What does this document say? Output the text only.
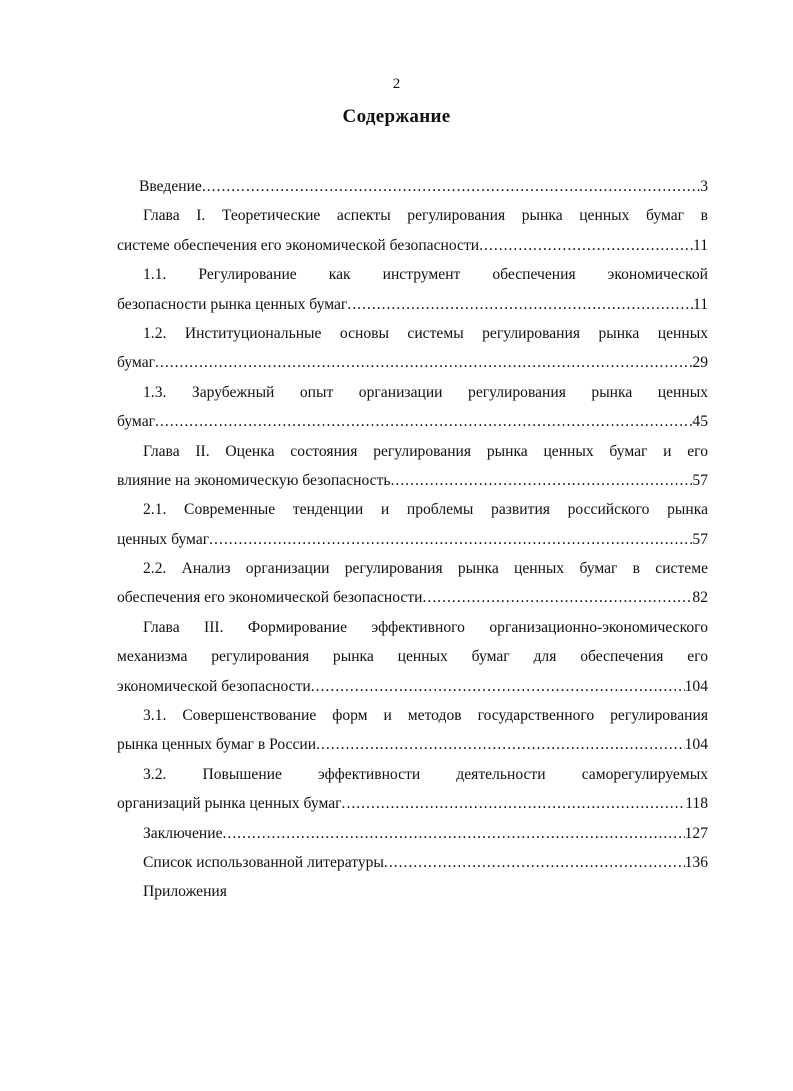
2
Содержание
Введение .....	3
Глава I. Теоретические аспекты регулирования рынка ценных бумаг в
системе обеспечения его экономической безопасности .....	11
1.1. Регулирование как инструмент обеспечения экономической
безопасности рынка ценных бумаг .....	11
1.2. Институциональные основы системы регулирования рынка ценных
бумаг .....	29
1.3. Зарубежный опыт организации регулирования рынка ценных
бумаг .....	45
Глава II. Оценка состояния регулирования рынка ценных бумаг и его
влияние на экономическую безопасность .....	57
2.1. Современные тенденции и проблемы развития российского рынка
ценных бумаг .....	57
2.2. Анализ организации регулирования рынка ценных бумаг в системе
обеспечения его экономической безопасности .....	82
Глава III. Формирование эффективного организационно-экономического
механизма регулирования рынка ценных бумаг для обеспечения его
экономической безопасности .....	104
3.1. Совершенствование форм и методов государственного регулирования
рынка ценных бумаг в России .....	104
3.2. Повышение эффективности деятельности саморегулируемых
организаций рынка ценных бумаг .....	118
Заключение .....	127
Список использованной литературы .....	136
Приложения
